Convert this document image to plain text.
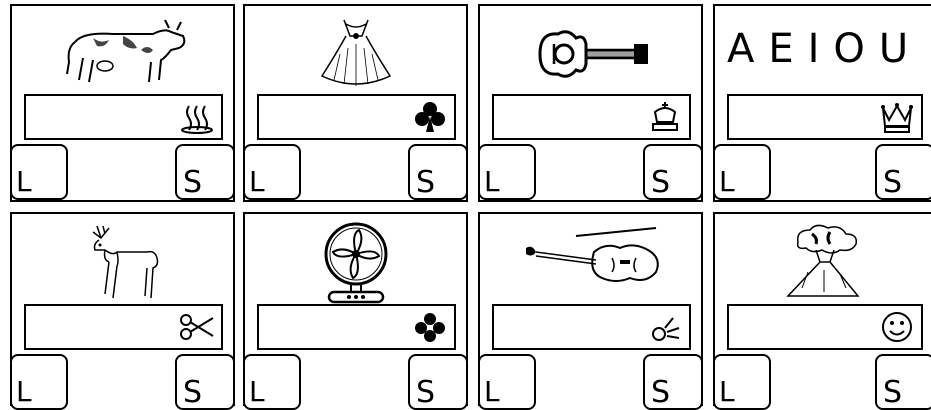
L	S L	S L	S
AEIOU
L	S
L	S L	S L	S L	S
